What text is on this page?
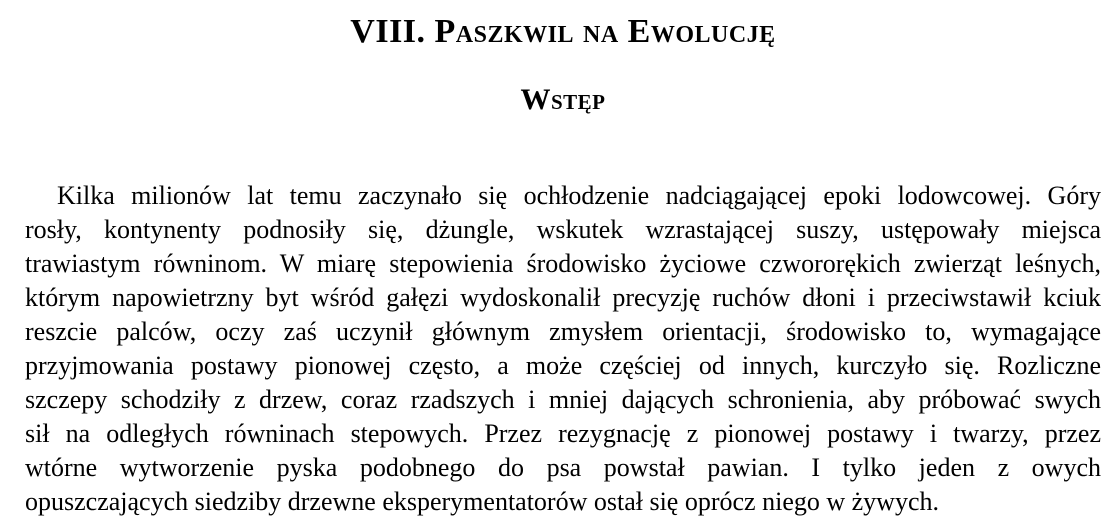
VIII. Paszkwil na Ewolucję
Wstęp
Kilka milionów lat temu zaczynało się ochłodzenie nadciągającej epoki lodowcowej. Góry
rosły, kontynenty podnosiły się, dżungle, wskutek wzrastającej suszy, ustępowały miejsca
trawiastym równinom. W miarę stepowienia środowisko życiowe czwororękich zwierząt leśnych,
którym napowietrzny byt wśród gałęzi wydoskonalił precyzję ruchów dłoni i przeciwstawił kciuk
reszcie palców, oczy zaś uczynił głównym zmysłem orientacji, środowisko to, wymagające
przyjmowania postawy pionowej często, a może częściej od innych, kurczyło się. Rozliczne
szczepy schodziły z drzew, coraz rzadszych i mniej dających schronienia, aby próbować swych
sił na odległych równinach stepowych. Przez rezygnację z pionowej postawy i twarzy, przez
wtórne wytworzenie pyska podobnego do psa powstał pawian. I tylko jeden z owych
opuszczających siedziby drzewne eksperymentatorów ostał się oprócz niego w żywych.
